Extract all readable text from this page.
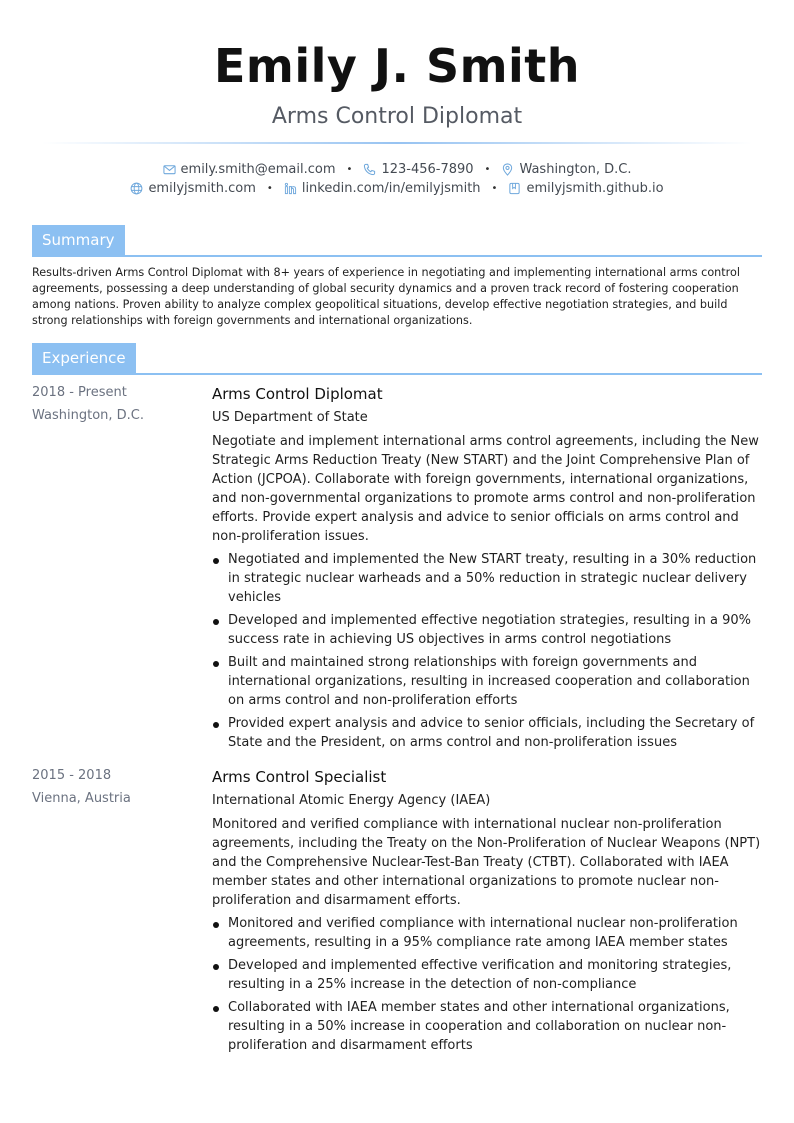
Emily J. Smith
Arms Control Diplomat
emily.smith@email.com • 123-456-7890 • Washington, D.C.
emilyjsmith.com • linkedin.com/in/emilyjsmith • emilyjsmith.github.io
Summary
Results-driven Arms Control Diplomat with 8+ years of experience in negotiating and implementing international arms control agreements, possessing a deep understanding of global security dynamics and a proven track record of fostering cooperation among nations. Proven ability to analyze complex geopolitical situations, develop effective negotiation strategies, and build strong relationships with foreign governments and international organizations.
Experience
2018 - Present
Washington, D.C.
Arms Control Diplomat
US Department of State
Negotiate and implement international arms control agreements, including the New Strategic Arms Reduction Treaty (New START) and the Joint Comprehensive Plan of Action (JCPOA). Collaborate with foreign governments, international organizations, and non-governmental organizations to promote arms control and non-proliferation efforts. Provide expert analysis and advice to senior officials on arms control and non-proliferation issues.
Negotiated and implemented the New START treaty, resulting in a 30% reduction in strategic nuclear warheads and a 50% reduction in strategic nuclear delivery vehicles
Developed and implemented effective negotiation strategies, resulting in a 90% success rate in achieving US objectives in arms control negotiations
Built and maintained strong relationships with foreign governments and international organizations, resulting in increased cooperation and collaboration on arms control and non-proliferation efforts
Provided expert analysis and advice to senior officials, including the Secretary of State and the President, on arms control and non-proliferation issues
2015 - 2018
Vienna, Austria
Arms Control Specialist
International Atomic Energy Agency (IAEA)
Monitored and verified compliance with international nuclear non-proliferation agreements, including the Treaty on the Non-Proliferation of Nuclear Weapons (NPT) and the Comprehensive Nuclear-Test-Ban Treaty (CTBT). Collaborated with IAEA member states and other international organizations to promote nuclear non-proliferation and disarmament efforts.
Monitored and verified compliance with international nuclear non-proliferation agreements, resulting in a 95% compliance rate among IAEA member states
Developed and implemented effective verification and monitoring strategies, resulting in a 25% increase in the detection of non-compliance
Collaborated with IAEA member states and other international organizations, resulting in a 50% increase in cooperation and collaboration on nuclear non-proliferation and disarmament efforts
